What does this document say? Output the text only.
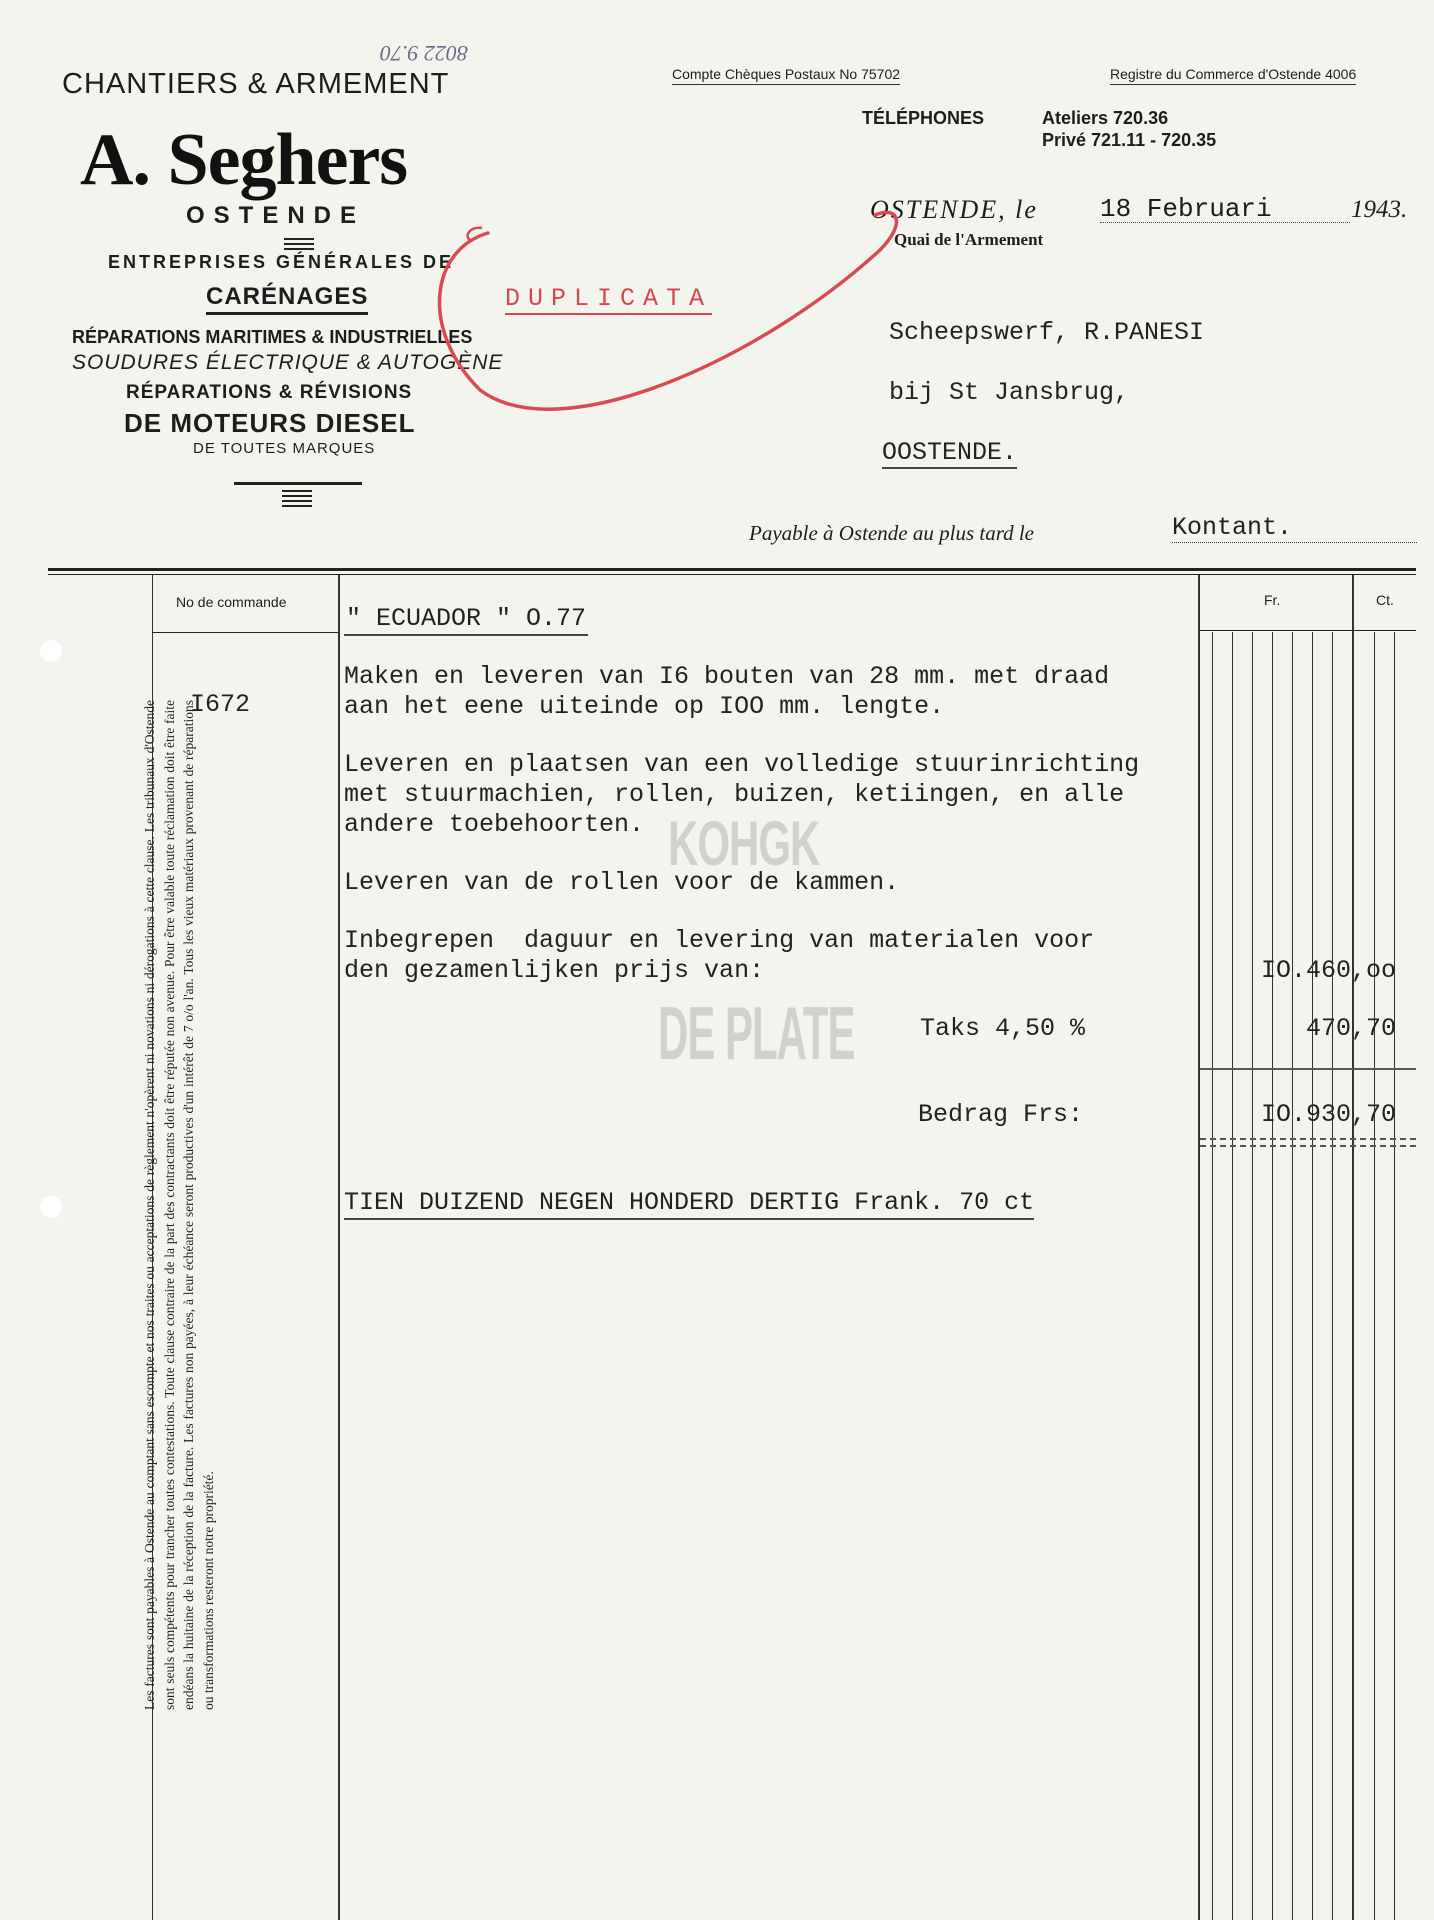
CHANTIERS & ARMEMENT
A. Seghers
OSTENDE
ENTREPRISES GÉNÉRALES DE
CARÉNAGES
RÉPARATIONS MARITIMES & INDUSTRIELLES
SOUDURES ÉLECTRIQUE & AUTOGÈNE
RÉPARATIONS & RÉVISIONS
DE MOTEURS DIESEL
DE TOUTES MARQUES
8022 9.70
Compte Chèques Postaux No 75702	Registre du Commerce d'Ostende 4006
TÉLÉPHONES	Ateliers 720.36
Privé 721.11 - 720.35
OSTENDE, le 18 Februari	1943.
Quai de l'Armement
DUPLICATA
Scheepswerf, R.PANESI
bij St Jansbrug,
OOSTENDE.
Payable à Ostende au plus tard le	Kontant.
No de commande	Fr.	Ct.
I672
" ECUADOR " O.77
Maken en leveren van I6 bouten van 28 mm. met draad
aan het eene uiteinde op IOO mm. lengte.
Leveren en plaatsen van een volledige stuurinrichting
met stuurmachien, rollen, buizen, ketiingen, en alle
andere toebehoorten.
Leveren van de rollen voor de kammen.
Inbegrepen  daguur en levering van materialen voor
den gezamenlijken prijs van:	IO.460,oo
Taks 4,50 %	470,70
Bedrag Frs:	IO.930,70
TIEN DUIZEND NEGEN HONDERD DERTIG Frank. 70 ct
KOHGK
DE PLATE
Les factures sont payables à Ostende au comptant sans escompte et nos traites ou acceptations de règlement n'opèrent ni novations ni dérogations à cette clause. Les tribunaux d'Ostende sont seuls compétents pour trancher toutes contestations. Toute clause contraire de la part des contractants doit être réputée non avenue. Pour être valable toute réclamation doit être faite endéans la huitaine de la réception de la facture. Les factures non payées, à leur échéance seront productives d'un intérêt de 7 o/o l'an. Tous les vieux matériaux provenant de réparations ou transformations resteront notre propriété.
